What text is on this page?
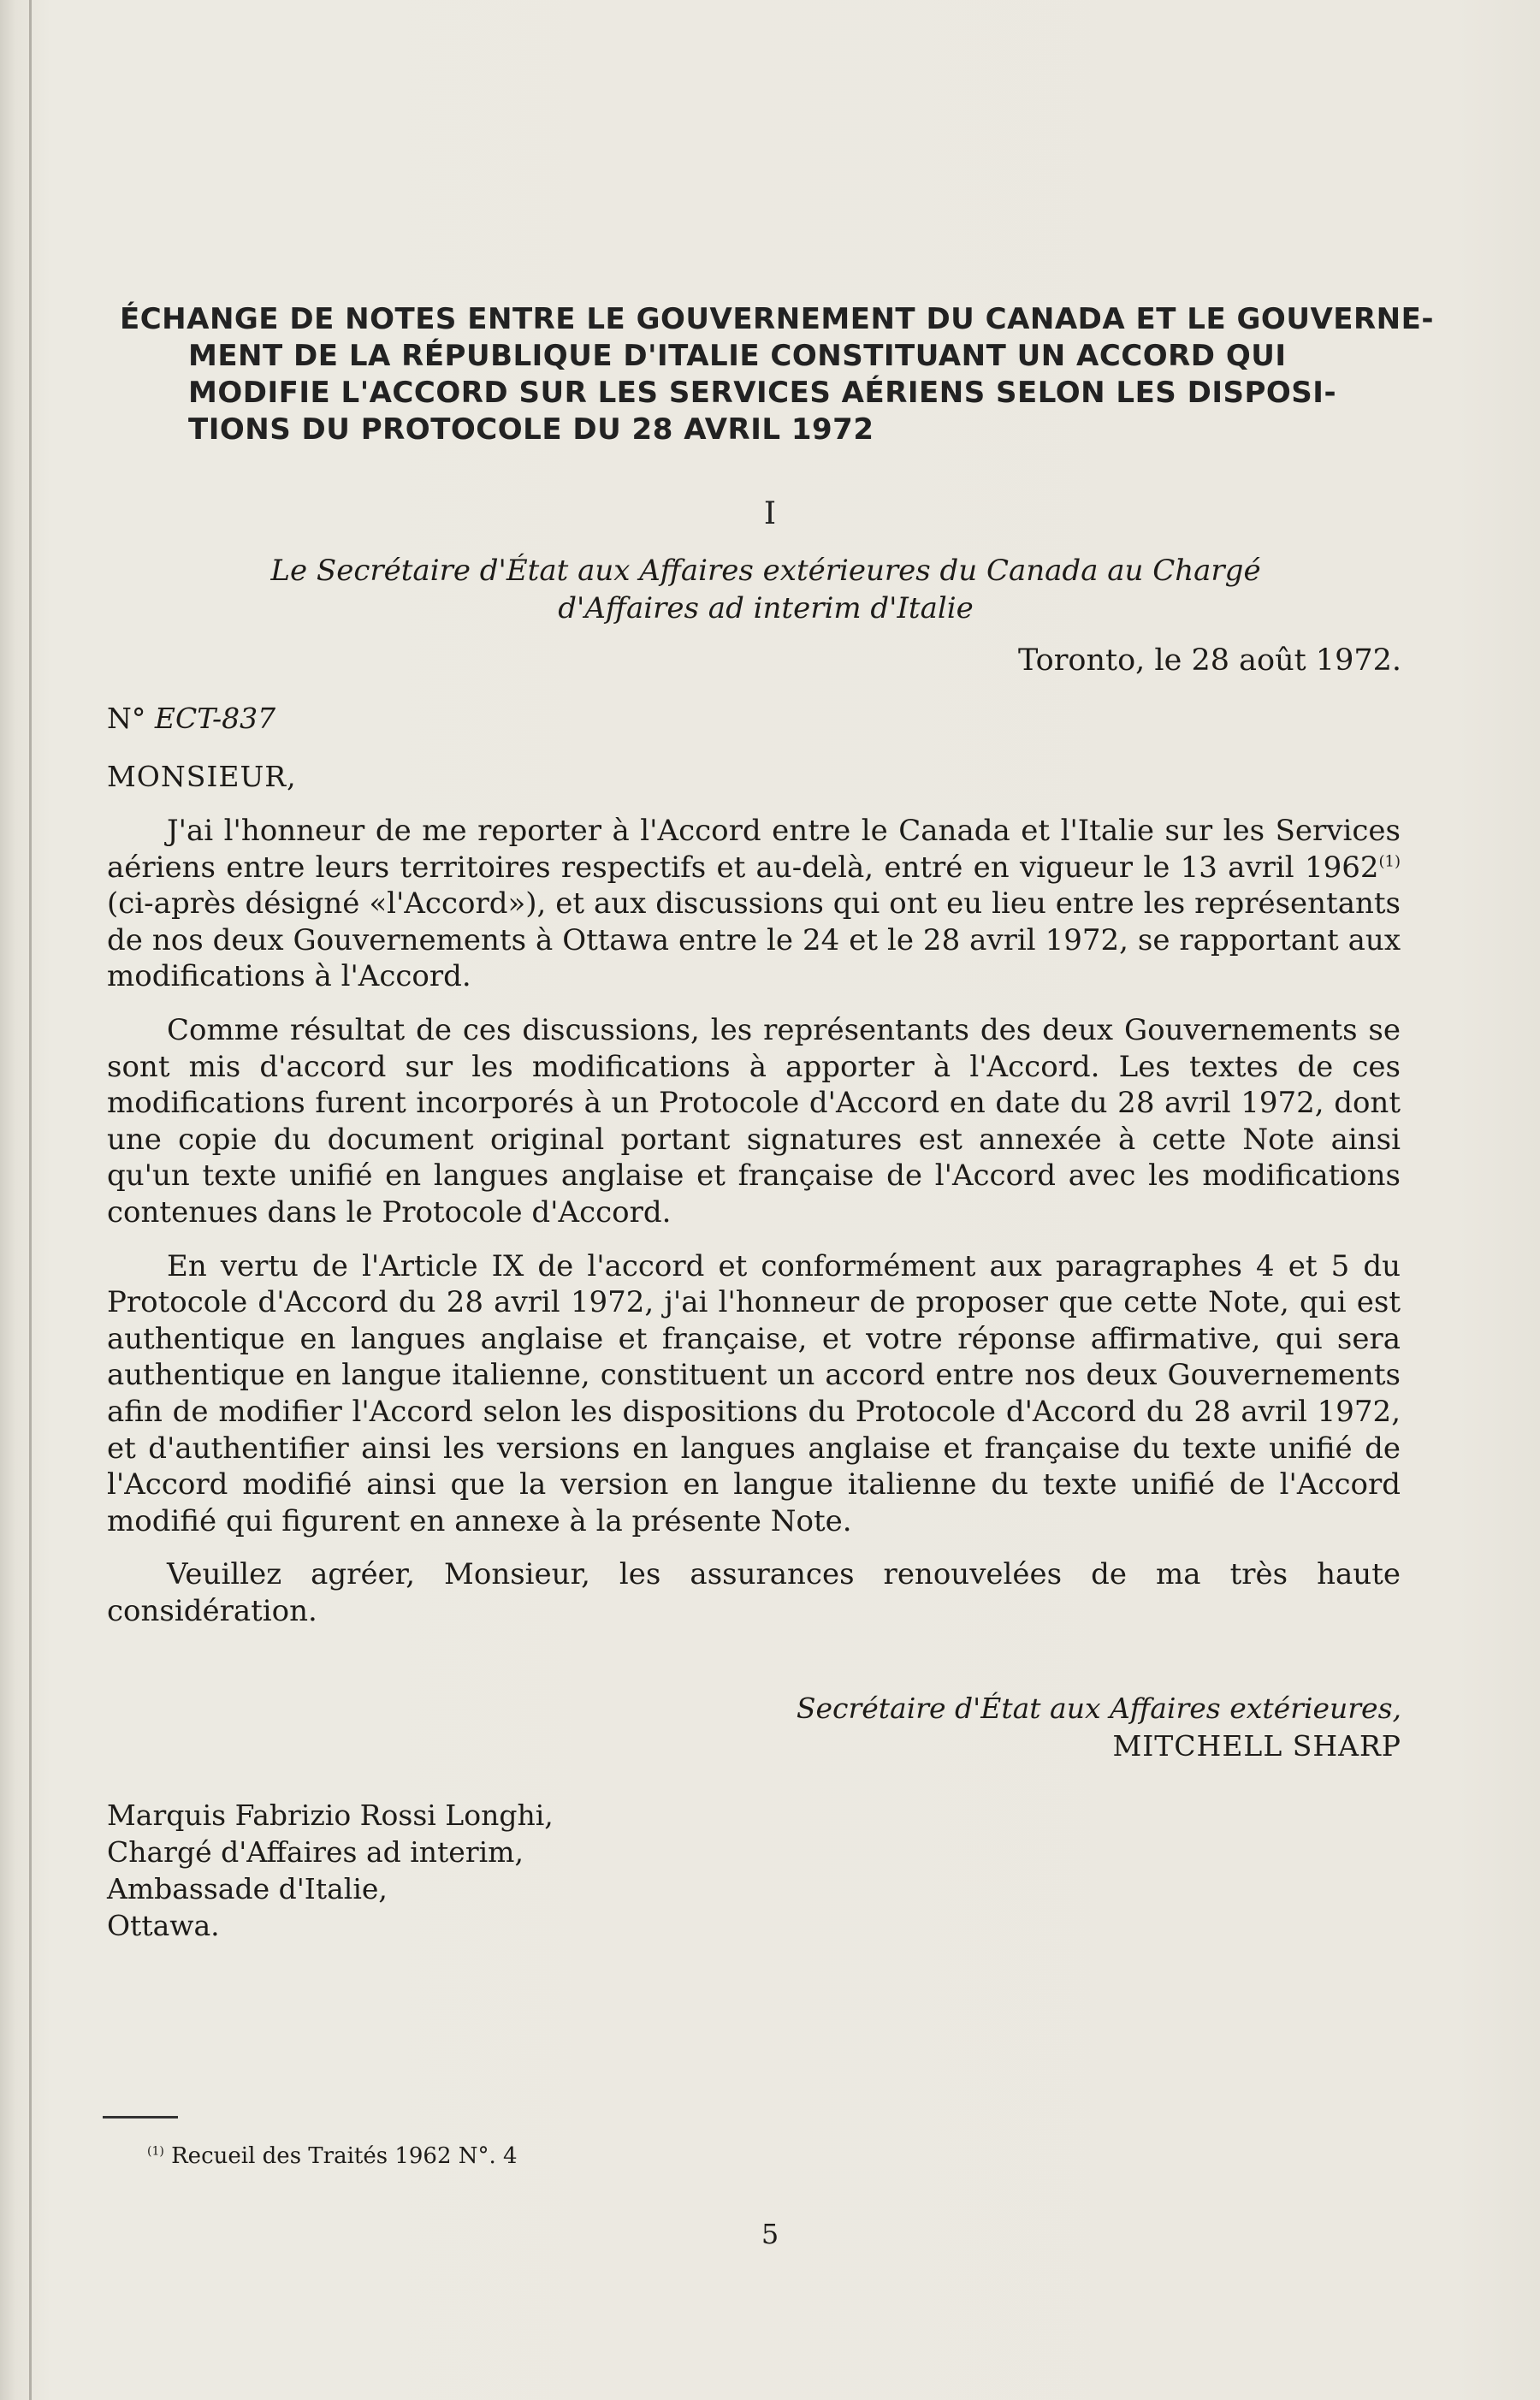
ÉCHANGE DE NOTES ENTRE LE GOUVERNEMENT DU CANADA ET LE GOUVERNE-
MENT DE LA RÉPUBLIQUE D'ITALIE CONSTITUANT UN ACCORD QUI
MODIFIE L'ACCORD SUR LES SERVICES AÉRIENS SELON LES DISPOSI-
TIONS DU PROTOCOLE DU 28 AVRIL 1972
I
Le Secrétaire d'État aux Affaires extérieures du Canada au Chargé
d'Affaires ad interim d'Italie
Toronto, le 28 août 1972.
N° ECT-837
MONSIEUR,

J'ai l'honneur de me reporter à l'Accord entre le Canada et l'Italie sur les Services aériens entre leurs territoires respectifs et au-delà, entré en vigueur le 13 avril 1962$^{(1)}$ (ci-après désigné «l'Accord»), et aux discussions qui ont eu lieu entre les représentants de nos deux Gouvernements à Ottawa entre le 24 et le 28 avril 1972, se rapportant aux modifications à l'Accord.

Comme résultat de ces discussions, les représentants des deux Gouvernements se sont mis d'accord sur les modifications à apporter à l'Accord. Les textes de ces modifications furent incorporés à un Protocole d'Accord en date du 28 avril 1972, dont une copie du document original portant signatures est annexée à cette Note ainsi qu'un texte unifié en langues anglaise et française de l'Accord avec les modifications contenues dans le Protocole d'Accord.

En vertu de l'Article IX de l'accord et conformément aux paragraphes 4 et 5 du Protocole d'Accord du 28 avril 1972, j'ai l'honneur de proposer que cette Note, qui est authentique en langues anglaise et française, et votre réponse affirmative, qui sera authentique en langue italienne, constituent un accord entre nos deux Gouvernements afin de modifier l'Accord selon les dispositions du Protocole d'Accord du 28 avril 1972, et d'authentifier ainsi les versions en langues anglaise et française du texte unifié de l'Accord modifié ainsi que la version en langue italienne du texte unifié de l'Accord modifié qui figurent en annexe à la présente Note.

Veuillez agréer, Monsieur, les assurances renouvelées de ma très haute considération.

Secrétaire d'État aux Affaires extérieures,
MITCHELL SHARP
Marquis Fabrizio Rossi Longhi,
Chargé d'Affaires ad interim,
Ambassade d'Italie,
Ottawa.
$^{(1)}$ Recueil des Traités 1962 N°. 4
5
